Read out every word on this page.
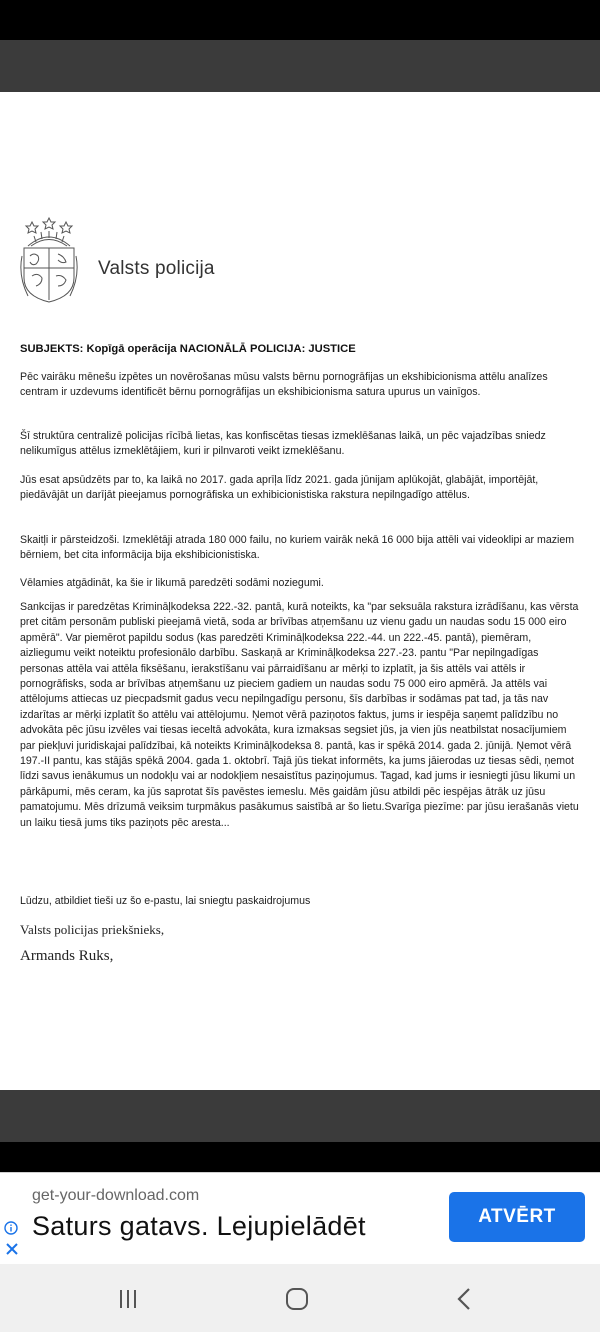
Valsts policija
SUBJEKTS: Kopīgā operācija NACIONĀLĀ POLICIJA: JUSTICE

Pēc vairāku mēnešu izpētes un novērošanas mūsu valsts bērnu pornogrāfijas un ekshibicionisma attēlu analīzes centram ir uzdevums identificēt bērnu pornogrāfijas un ekshibicionisma satura upurus un vainīgos.

Šī struktūra centralizē policijas rīcībā lietas, kas konfiscētas tiesas izmeklēšanas laikā, un pēc vajadzības sniedz nelikumīgus attēlus izmeklētājiem, kuri ir pilnvaroti veikt izmeklēšanu.

Jūs esat apsūdzēts par to, ka laikā no 2017. gada aprīļa līdz 2021. gada jūnijam aplūkojāt, glabājāt, importējāt, piedāvājāt un darījāt pieejamus pornogrāfiska un exhibicionistiska rakstura nepilngadīgo attēlus.

Skaitļi ir pārsteidzoši. Izmeklētāji atrada 180 000 failu, no kuriem vairāk nekā 16 000 bija attēli vai videoklipi ar maziem bērniem, bet cita informācija bija ekshibicionistiska.

Vēlamies atgādināt, ka šie ir likumā paredzēti sodāmi noziegumi.

Sankcijas ir paredzētas Krimināļkodeksa 222.-32. pantā, kurā noteikts, ka "par seksuāla rakstura izrādīšanu, kas vērsta pret citām personām publiski pieejamā vietā, soda ar brīvības atņemšanu uz vienu gadu un naudas sodu 15 000 eiro apmērā". Var piemērot papildu sodus (kas paredzēti Krimināļkodeksa 222.-44. un 222.-45. pantā), piemēram, aizliegumu veikt noteiktu profesionālo darbību. Saskaņā ar Krimināļkodeksa 227.-23. pantu "Par nepilngadīgas personas attēla vai attēla fiksēšanu, ierakstīšanu vai pārraidīšanu ar mērķi to izplatīt, ja šis attēls vai attēls ir pornogrāfisks, soda ar brīvības atņemšanu uz pieciem gadiem un naudas sodu 75 000 eiro apmērā. Ja attēls vai attēlojums attiecas uz piecpadsmit gadus vecu nepilngadīgu personu, šīs darbības ir sodāmas pat tad, ja tās nav izdarītas ar mērķi izplatīt šo attēlu vai attēlojumu. Ņemot vērā paziņotos faktus, jums ir iespēja saņemt palīdzību no advokāta pēc jūsu izvēles vai tiesas ieceltā advokāta, kura izmaksas segsiet jūs, ja vien jūs neatbilstat nosacījumiem par piekļuvi juridiskajai palīdzībai, kā noteikts Krimināļkodeksa 8. pantā, kas ir spēkā 2014. gada 2. jūnijā. Ņemot vērā 197.-II pantu, kas stājās spēkā 2004. gada 1. oktobrī. Tajā jūs tiekat informēts, ka jums jāierodas uz tiesas sēdi, ņemot līdzi savus ienākumus un nodokļu vai ar nodokļiem nesaistītus paziņojumus. Tagad, kad jums ir iesniegti jūsu likumi un pārkāpumi, mēs ceram, ka jūs saprotat šīs pavēstes iemeslu. Mēs gaidām jūsu atbildi pēc iespējas ātrāk uz jūsu pamatojumu. Mēs drīzumā veiksim turpmākus pasākumus saistībā ar šo lietu.Svarīga piezīme: par jūsu ierašanās vietu un laiku tiesā jums tiks paziņots pēc aresta...

Lūdzu, atbildiet tieši uz šo e-pastu, lai sniegtu paskaidrojumus

Valsts policijas priekšnieks,
Armands Ruks,
get-your-download.com
Saturs gatavs. Lejupielādēt	ATVĒRT
